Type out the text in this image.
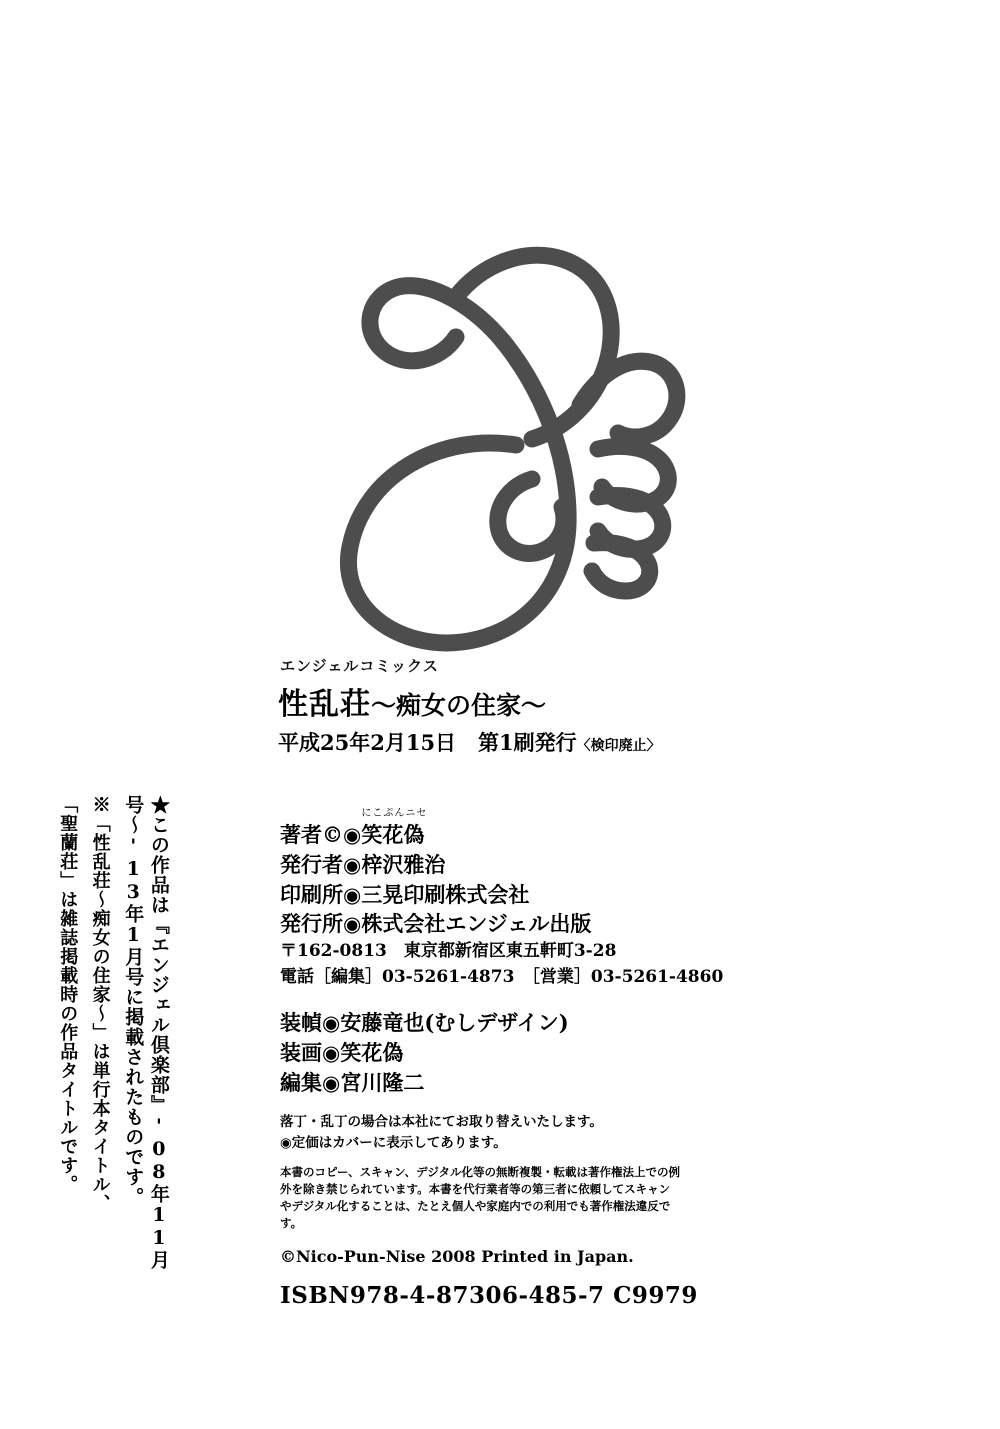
エンジェルコミックス
性乱荘〜痴女の住家〜
平成25年2月15日 第1刷発行〈検印廃止〉
著者©◉
にこぷんニセ
笑花偽
発行者◉梓沢雅治
印刷所◉三晃印刷株式会社
発行所◉株式会社エンジェル出版
〒162-0813　東京都新宿区東五軒町3-28
電話［編集］03-5261-4873　［営業］03-5261-4860
装幀◉安藤竜也(むしデザイン)
装画◉笑花偽
編集◉宮川隆二
落丁・乱丁の場合は本社にてお取り替えいたします。
◉定価はカバーに表示してあります。
本書のコピー、スキャン、デジタル化等の無断複製・転載は著作権法上での例外を除き禁じられています。本書を代行業者等の第三者に依頼してスキャンやデジタル化することは、たとえ個人や家庭内での利用でも著作権法違反です。
©Nico-Pun-Nise 2008 Printed in Japan.
ISBN978-4-87306-485-7 C9979
★この作品は『エンジェル倶楽部』'08年11月号〜'13年1月号に掲載されたものです。
※「性乱荘〜痴女の住家〜」は単行本タイトル、
「聖蘭荘」は雑誌掲載時の作品タイトルです。
